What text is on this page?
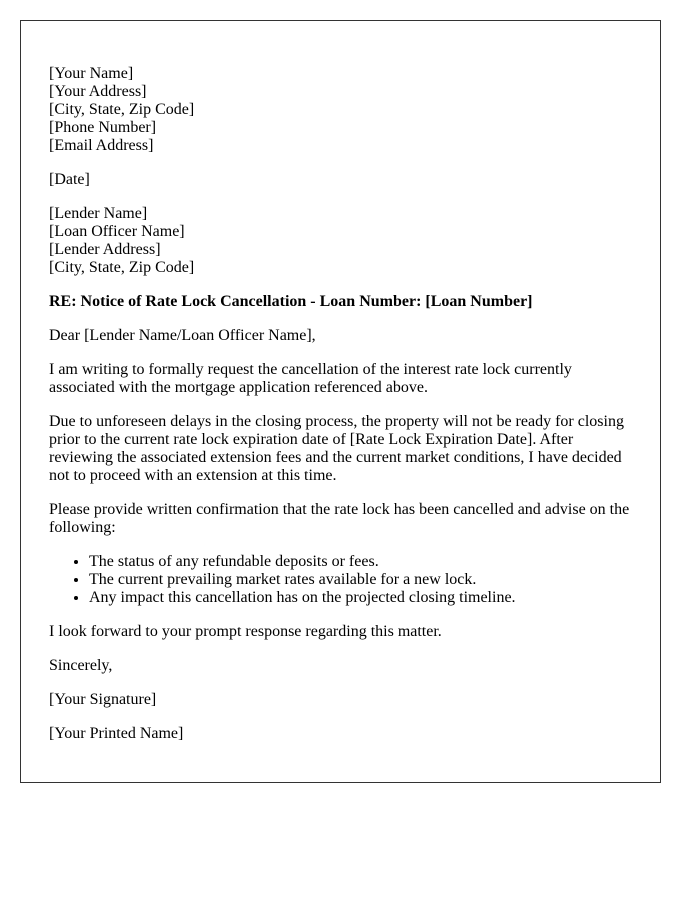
[Your Name]
[Your Address]
[City, State, Zip Code]
[Phone Number]
[Email Address]

[Date]

[Lender Name]
[Loan Officer Name]
[Lender Address]
[City, State, Zip Code]

RE: Notice of Rate Lock Cancellation - Loan Number: [Loan Number]

Dear [Lender Name/Loan Officer Name],

I am writing to formally request the cancellation of the interest rate lock currently associated with the mortgage application referenced above.

Due to unforeseen delays in the closing process, the property will not be ready for closing prior to the current rate lock expiration date of [Rate Lock Expiration Date]. After reviewing the associated extension fees and the current market conditions, I have decided not to proceed with an extension at this time.

Please provide written confirmation that the rate lock has been cancelled and advise on the following:

• The status of any refundable deposits or fees.
• The current prevailing market rates available for a new lock.
• Any impact this cancellation has on the projected closing timeline.

I look forward to your prompt response regarding this matter.

Sincerely,

[Your Signature]

[Your Printed Name]
